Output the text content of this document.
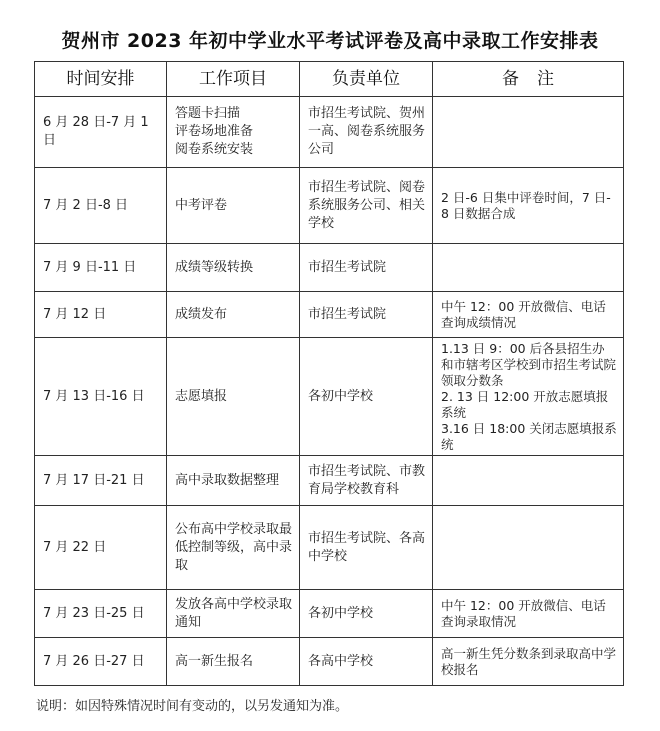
贺州市 2023 年初中学业水平考试评卷及高中录取工作安排表
时间安排	工作项目	负责单位	备注
6 月 28 日-7 月 1 日	答题卡扫描
评卷场地准备
阅卷系统安装	市招生考试院、贺州一高、阅卷系统服务公司	
7 月 2 日-8 日	中考评卷	市招生考试院、阅卷系统服务公司、相关学校	2 日-6 日集中评卷时间，7 日-8 日数据合成

7 月 9 日-11 日	成绩等级转换	市招生考试院	
7 月 12 日	成绩发布	市招生考试院	中午 12：00 开放微信、电话查询成绩情况

7 月 13 日-16 日	志愿填报	各初中学校	1.13 日 9：00 后各县招生办和市辖考区学校到市招生考试院领取分数条
2. 13 日 12:00 开放志愿填报系统
3.16 日 18:00 关闭志愿填报系统

7 月 17 日-21 日	高中录取数据整理	市招生考试院、市教育局学校教育科	
7 月 22 日	公布高中学校录取最低控制等级，高中录取	市招生考试院、各高中学校	
7 月 23 日-25 日	发放各高中学校录取通知	各初中学校	中午 12：00 开放微信、电话查询录取情况

7 月 26 日-27 日	高一新生报名	各高中学校	高一新生凭分数条到录取高中学校报名
说明：如因特殊情况时间有变动的，以另发通知为准。
